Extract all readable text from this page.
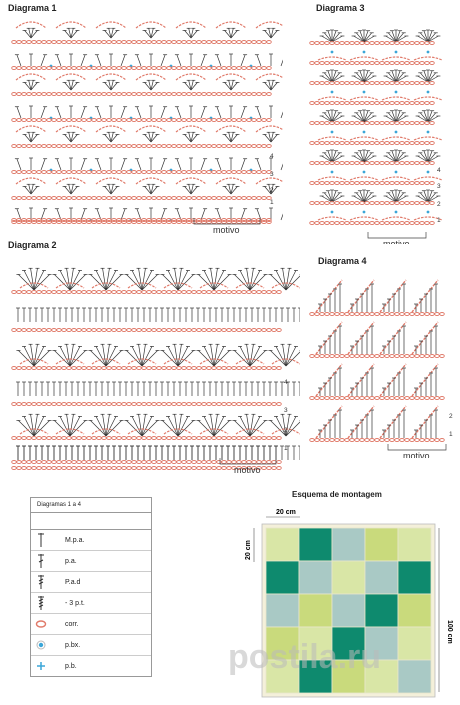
Diagrama 1
4
3
2
1
motivo
Diagrama 3
4
3
2
1
motivo
Diagrama 2
4
3
2
1
motivo
Diagrama 4
2
1
motivo
Diagramas 1 a 4
M.p.a.
p.a.
P.a.d
- 3 p.t.
corr.
p.bx.
p.b.
Esquema de montagem
20 cm
20 cm
100 cm
postila.ru
